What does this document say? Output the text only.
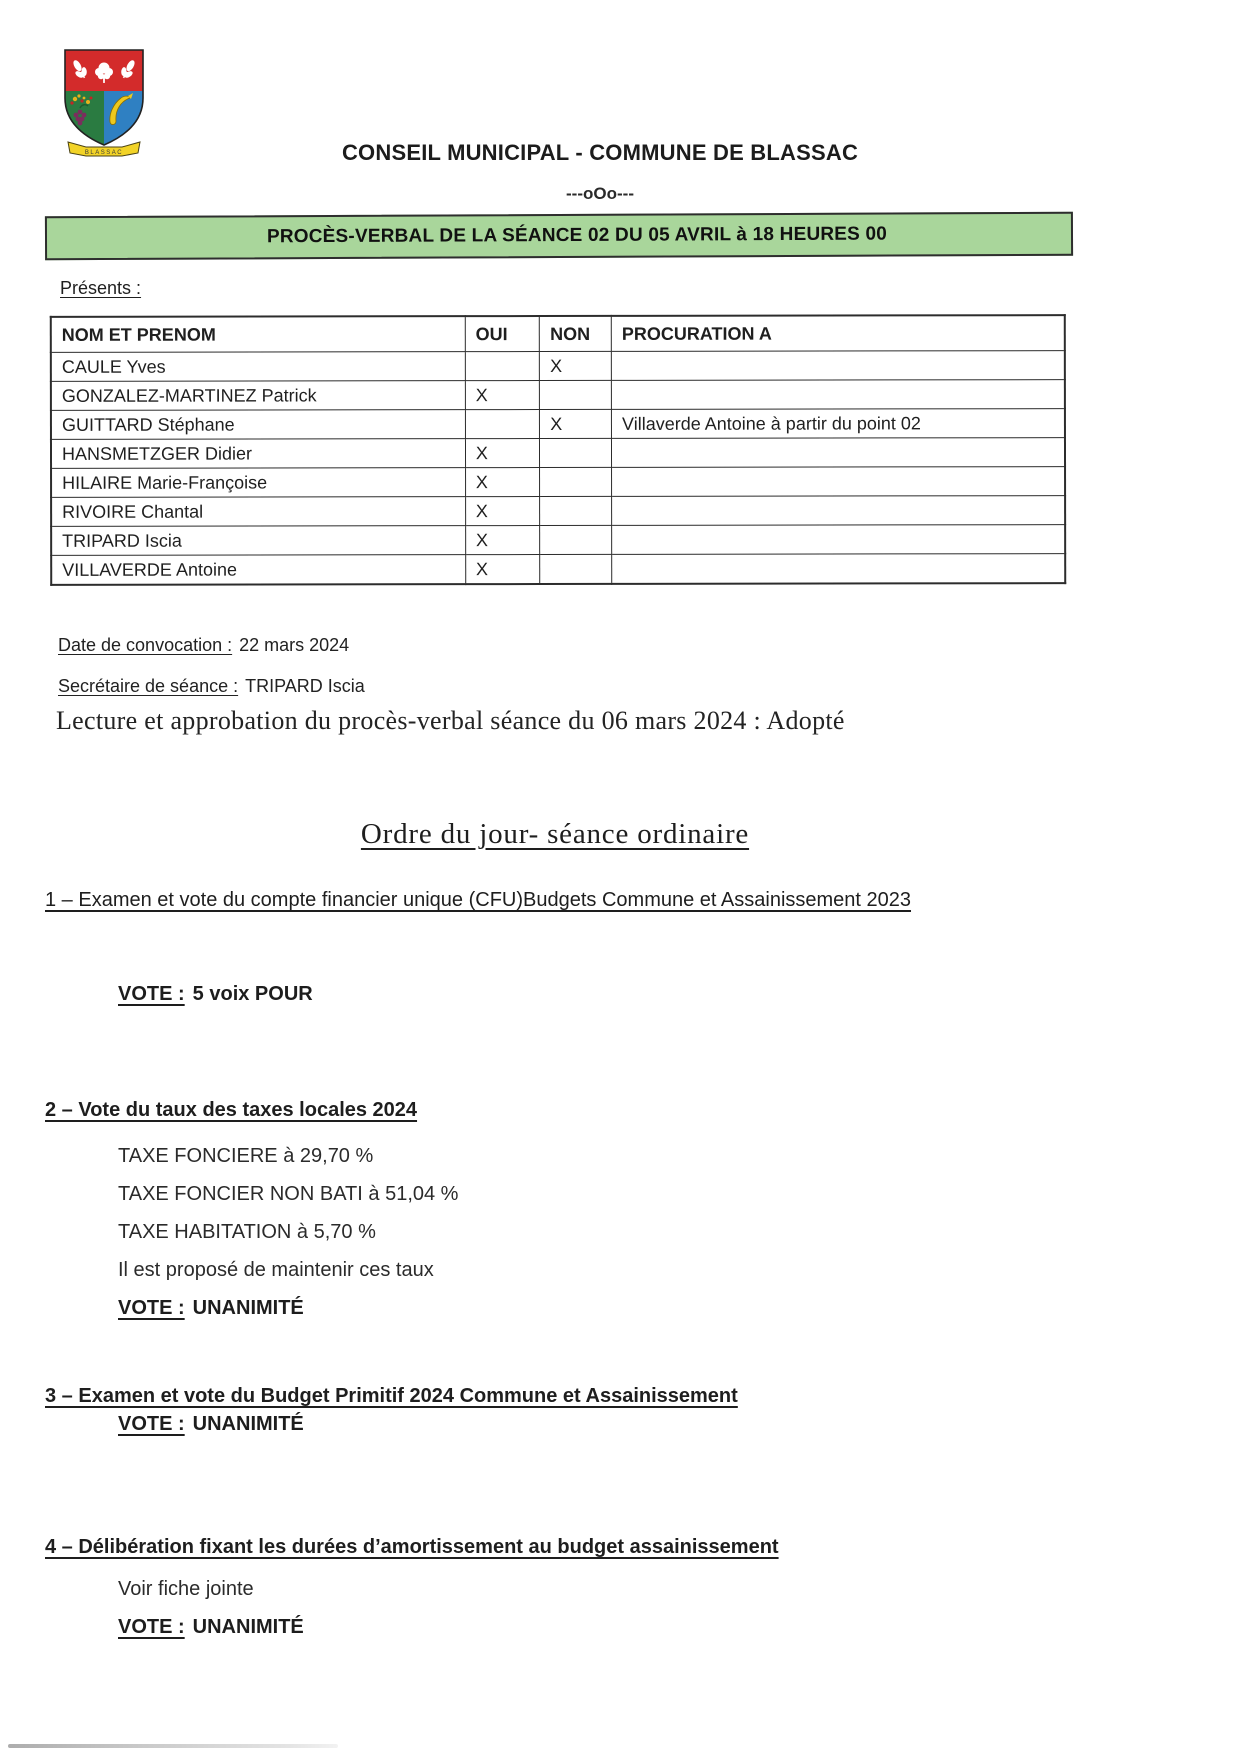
BLASSAC	CONSEIL MUNICIPAL - COMMUNE DE BLASSAC
---oOo---
PROCÈS-VERBAL DE LA SÉANCE 02 DU 05 AVRIL à 18 HEURES 00
Présents :
NOM ET PRENOM	OUI	NON	PROCURATION A
CAULE Yves		X	
GONZALEZ-MARTINEZ Patrick	X		
GUITTARD Stéphane		X	Villaverde Antoine à partir du point 02
HANSMETZGER Didier	X		
HILAIRE Marie-Françoise	X		
RIVOIRE Chantal	X		
TRIPARD Iscia	X		
VILLAVERDE Antoine	X		
Date de convocation : 22 mars 2024
Secrétaire de séance : TRIPARD Iscia
Lecture et approbation du procès-verbal séance du 06 mars 2024 : Adopté
Ordre du jour- séance ordinaire
1 – Examen et vote du compte financier unique (CFU)Budgets Commune et Assainissement 2023
VOTE : 5 voix POUR
2 – Vote du taux des taxes locales 2024
TAXE FONCIERE à 29,70 %
TAXE FONCIER NON BATI à 51,04 %
TAXE HABITATION à 5,70 %
Il est proposé de maintenir ces taux
VOTE : UNANIMITÉ
3 – Examen et vote du Budget Primitif 2024 Commune et Assainissement
VOTE : UNANIMITÉ
4 – Délibération fixant les durées d’amortissement au budget assainissement
Voir fiche jointe
VOTE : UNANIMITÉ
